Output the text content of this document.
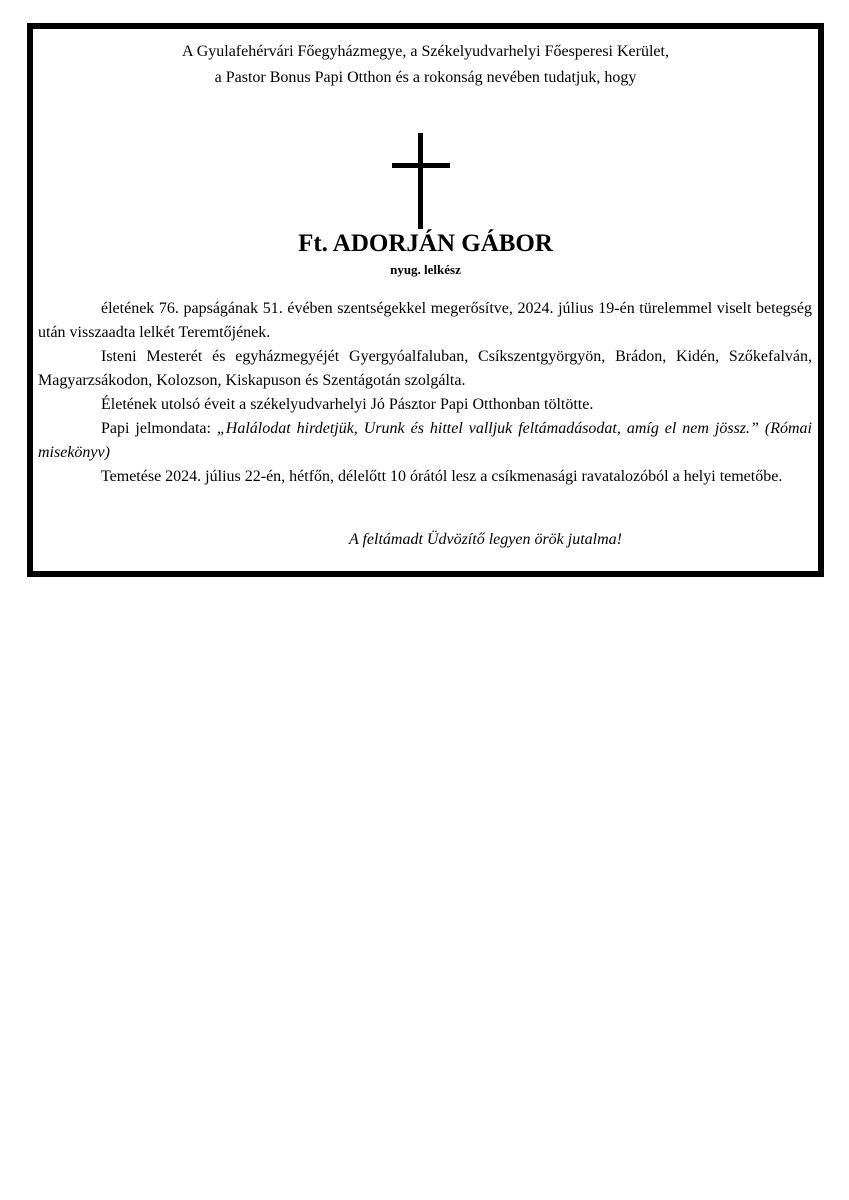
A Gyulafehérvári Főegyházmegye, a Székelyudvarhelyi Főesperesi Kerület,

a Pastor Bonus Papi Otthon és a rokonság nevében tudatjuk, hogy

Ft. ADORJÁN GÁBOR
nyug. lelkész

életének 76. papságának 51. évében szentségekkel megerősítve, 2024. július 19-én türelemmel viselt betegség után visszaadta lelkét Teremtőjének.

Isteni Mesterét és egyházmegyéjét Gyergyóalfaluban, Csíkszentgyörgyön, Brádon, Kidén, Szőkefalván, Magyarzsákodon, Kolozson, Kiskapuson és Szentágotán szolgálta.

Életének utolsó éveit a székelyudvarhelyi Jó Pásztor Papi Otthonban töltötte.

Papi jelmondata: „Halálodat hirdetjük, Urunk és hittel valljuk feltámadásodat, amíg el nem jössz.” (Római misekönyv)

Temetése 2024. július 22-én, hétfőn, délelőtt 10 órától lesz a csíkmenasági ravatalozóból a helyi temetőbe.

A feltámadt Üdvözítő legyen örök jutalma!
